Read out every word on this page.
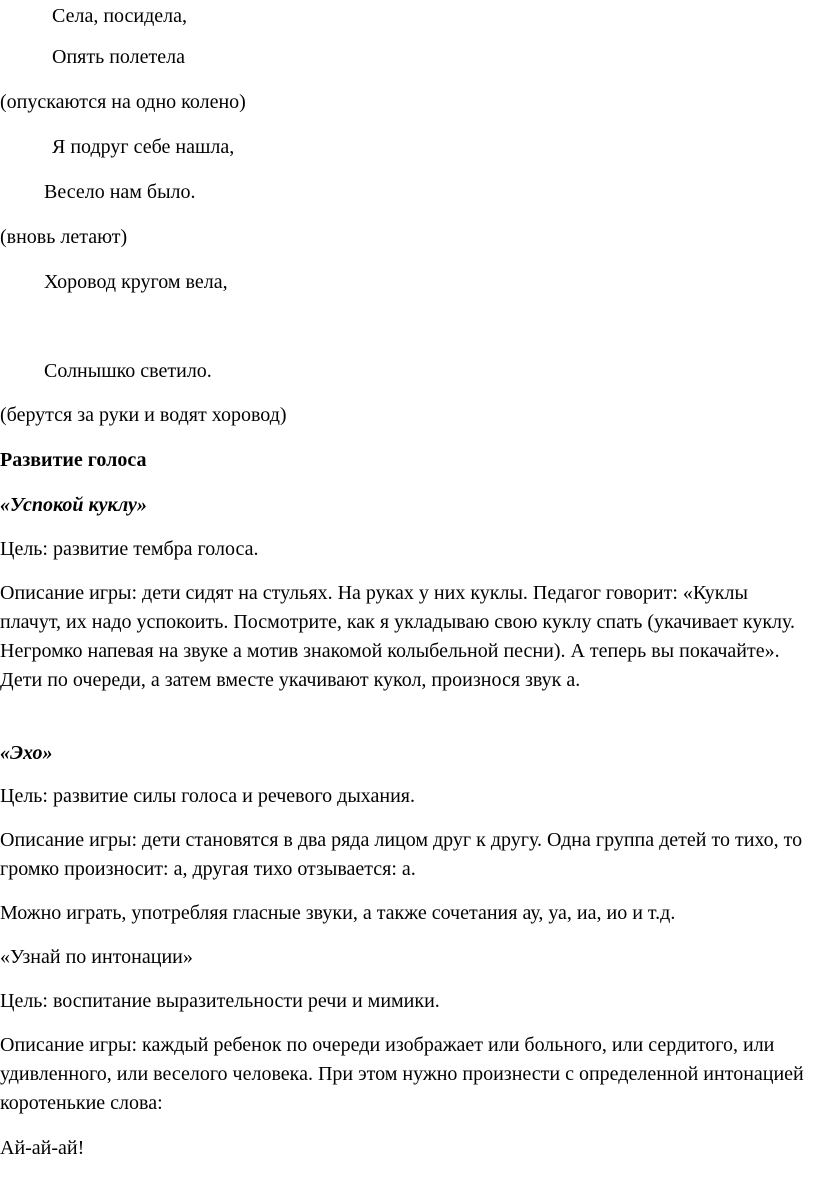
Села, посидела,
Опять полетела
(опускаются на одно колено)
Я подруг себе нашла,
Весело нам было.
(вновь летают)
Хоровод кругом вела,
Солнышко светило.
(берутся за руки и водят хоровод)
Развитие голоса
«Успокой куклу»
Цель: развитие тембра голоса.
Описание игры: дети сидят на стульях. На руках у них куклы. Педагог говорит: «Куклы плачут, их надо успокоить. Посмотрите, как я укладываю свою куклу спать (укачивает куклу. Негромко напевая на звуке а мотив знакомой колыбельной песни). А теперь вы покачайте». Дети по очереди, а затем вместе укачивают кукол, произнося звук а.
«Эхо»
Цель: развитие силы голоса и речевого дыхания.
Описание игры: дети становятся в два ряда лицом друг к другу. Одна группа детей то тихо, то громко произносит: а, другая тихо отзывается: а.
Можно играть, употребляя гласные звуки, а также сочетания ау, уа, иа, ио и т.д.
«Узнай по интонации»
Цель: воспитание выразительности речи и мимики.
Описание игры: каждый ребенок по очереди изображает или больного, или сердитого, или удивленного, или веселого человека. При этом нужно произнести с определенной интонацией коротенькие слова:
Ай-ай-ай!
